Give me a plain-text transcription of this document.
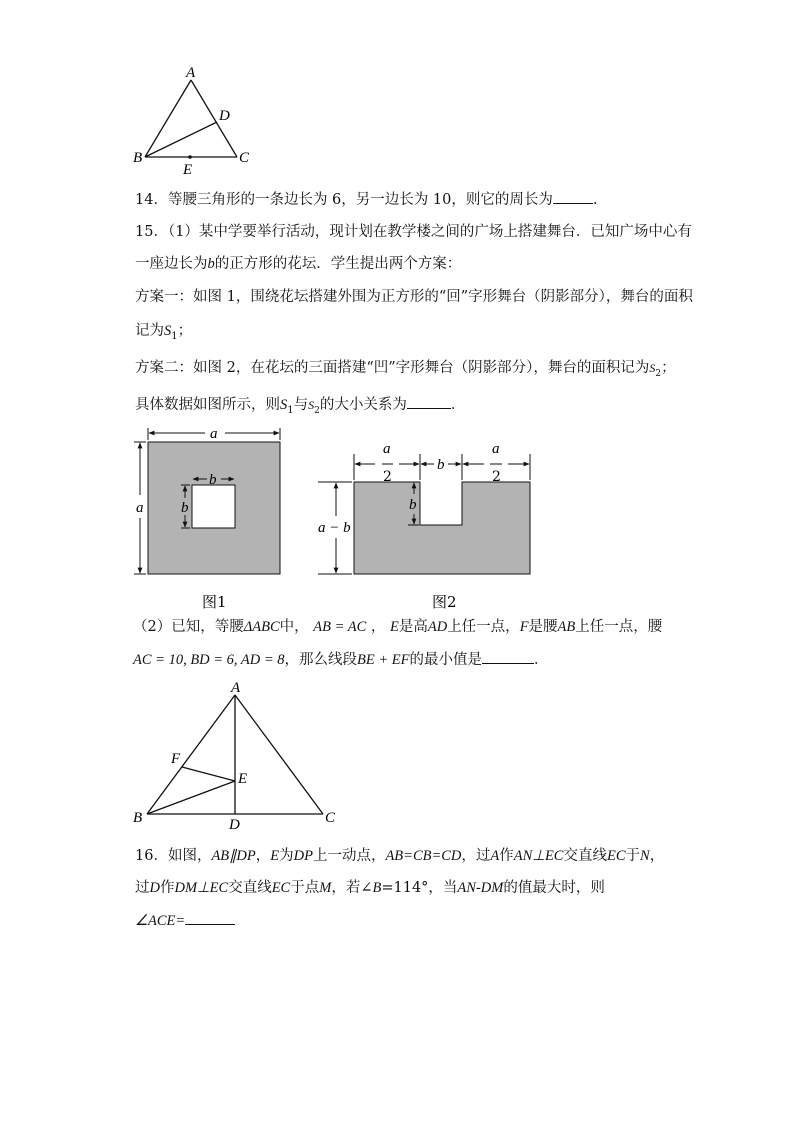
A
B	C
D
E
14．等腰三角形的一条边长为 6，另一边长为 10，则它的周长为	.
15．（1）某中学要举行活动，现计划在教学楼之间的广场上搭建舞台．已知广场中心有
一座边长为b的正方形的花坛．学生提出两个方案：
方案一：如图 1，围绕花坛搭建外围为正方形的“回”字形舞台（阴影部分），舞台的面积
记为$S_1$；
方案二：如图 2，在花坛的三面搭建“凹”字形舞台（阴影部分），舞台的面积记为$S_2$；
具体数据如图所示，则$S_1$与$S_2$的大小关系为	．
a
a
b
b
图1
a
2
b
a
2
a − b
b
图2
（2）已知，等腰ΔABC中， AB = AC ， E是高AD上任一点，F是腰AB上任一点，腰
AC = 10, BD = 6, AD = 8，那么线段BE + EF的最小值是	．
A
B	C
D
E
F
16．如图，AB∥DP，E为DP上一动点，AB=CB=CD，过A作AN⊥EC交直线EC于N，
过D作DM⊥EC交直线EC于点M，若∠B=114°，当AN-DM的值最大时，则
∠ACE=
